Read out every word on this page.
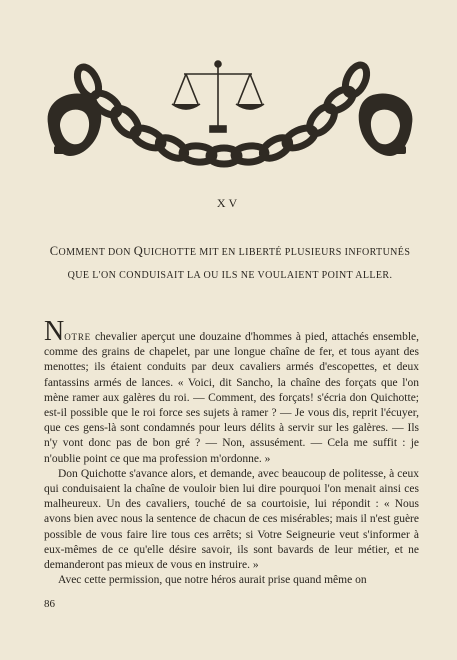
XV
COMMENT DON QUICHOTTE MIT EN LIBERTÉ PLUSIEURS INFORTUNÉS
QUE L'ON CONDUISAIT LA OU ILS NE VOULAIENT POINT ALLER.

NOTRE chevalier aperçut une douzaine d'hommes à pied, attachés ensemble, comme des grains de chapelet, par une longue chaîne de fer, et tous ayant des menottes; ils étaient conduits par deux cavaliers armés d'escopettes, et deux fantassins armés de lances. « Voici, dit Sancho, la chaîne des forçats que l'on mène ramer aux galères du roi. — Comment, des forçats! s'écria don Quichotte; est-il possible que le roi force ses sujets à ramer ? — Je vous dis, reprit l'écuyer, que ces gens-là sont condamnés pour leurs délits à servir sur les galères. — Ils n'y vont donc pas de bon gré ? — Non, assusément. — Cela me suffit : je n'oublie point ce que ma profession m'ordonne. »

Don Quichotte s'avance alors, et demande, avec beaucoup de politesse, à ceux qui conduisaient la chaîne de vouloir bien lui dire pourquoi l'on menait ainsi ces malheureux. Un des cavaliers, touché de sa courtoisie, lui répondit : « Nous avons bien avec nous la sentence de chacun de ces misérables; mais il n'est guère possible de vous faire lire tous ces arrêts; si Votre Seigneurie veut s'informer à eux-mêmes de ce qu'elle désire savoir, ils sont bavards de leur métier, et ne demanderont pas mieux de vous en instruire. »

Avec cette permission, que notre héros aurait prise quand même on

86
